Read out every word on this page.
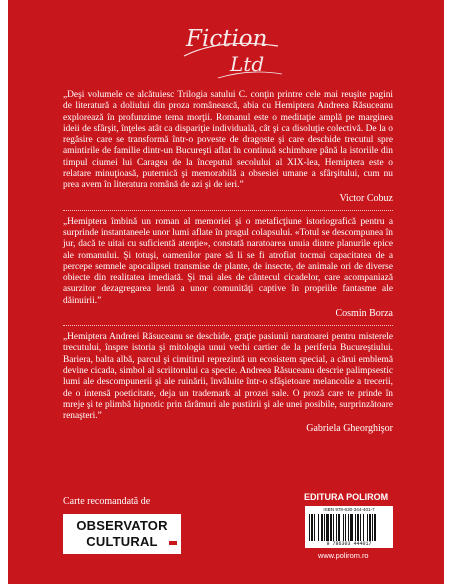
Fiction
Ltd
„Deşi volumele ce alcătuiesc Trilogia satului C. conţin printre cele mai reuşite pagini de literatură a doliului din proza românească, abia cu Hemiptera Andreea Răsuceanu explorează în profunzime tema morţii. Romanul este o meditaţie amplă pe marginea ideii de sfârşit, înţeles atât ca dispariţie individuală, cât şi ca disoluţie colectivă. De la o regăsire care se transformă într-o poveste de dragoste şi care deschide trecutul spre amintirile de familie dintr-un Bucureşti aflat în continuă schimbare până la istoriile din timpul ciumei lui Caragea de la începutul secolului al XIX-lea, Hemiptera este o relatare minuţioasă, puternică şi memorabilă a obsesiei umane a sfârşitului, cum nu prea avem în literatura română de azi şi de ieri.”
Victor Cobuz
„Hemiptera îmbină un roman al memoriei şi o metaficţiune istoriografică pentru a surprinde instantaneele unor lumi aflate în pragul colapsului. «Totul se descompunea în jur, dacă te uitai cu suficientă atenţie», constată naratoarea unuia dintre planurile epice ale romanului. Şi totuşi, oamenilor pare să li se fi atrofiat tocmai capacitatea de a percepe semnele apocalipsei transmise de plante, de insecte, de animale ori de diverse obiecte din realitatea imediată. Şi mai ales de cântecul cicadelor, care acompaniază asurzitor dezagregarea lentă a unor comunităţi captive în propriile fantasme ale dăinuirii.”
Cosmin Borza
„Hemiptera Andreei Răsuceanu se deschide, graţie pasiunii naratoarei pentru misterele trecutului, înspre istoria şi mitologia unui vechi cartier de la periferia Bucureştiului. Bariera, balta albă, parcul şi cimitirul reprezintă un ecosistem special, a cărui emblemă devine cicada, simbol al scriitorului ca specie. Andreea Răsuceanu descrie palimpsestic lumi ale descompunerii şi ale ruinării, învăluite într-o sfâşietoare melancolie a trecerii, de o intensă poeticitate, deja un trademark al prozei sale. O proză care te prinde în mreje şi te plimbă hipnotic prin tărâmuri ale pustiirii şi ale unei posibile, surprinzătoare renaşteri.”
Gabriela Gheorghişor
Carte recomandată de
OBSERVATOR
CULTURAL
EDITURA POLIROM
ISBN 978-630-344-401-7
9 786303 444017
www.polirom.ro
